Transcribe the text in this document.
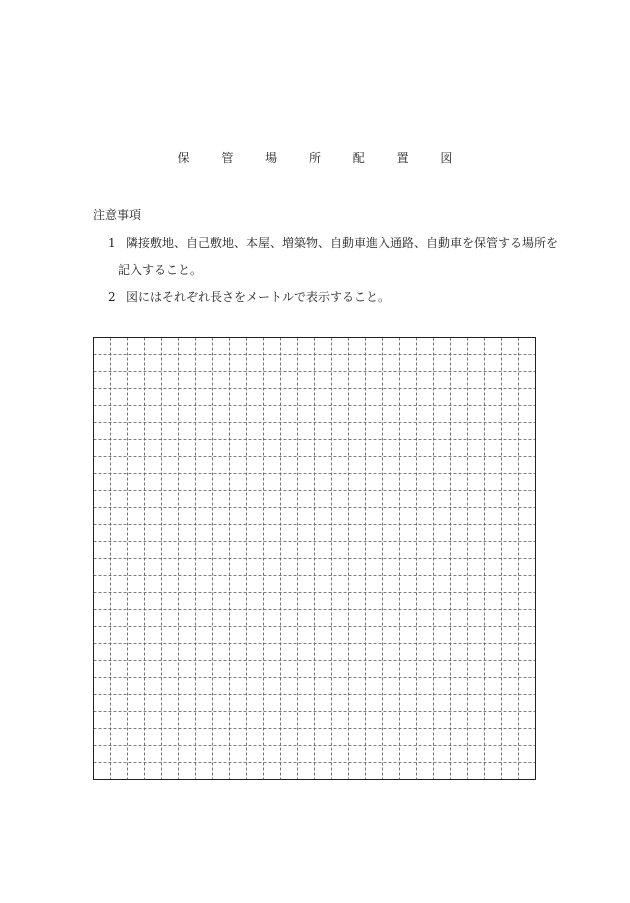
保 管 場 所 配 置 図
注意事項
1 隣接敷地、自己敷地、本屋、増築物、自動車進入通路、自動車を保管する場所を
記入すること。
2 図にはそれぞれ長さをメートルで表示すること。
